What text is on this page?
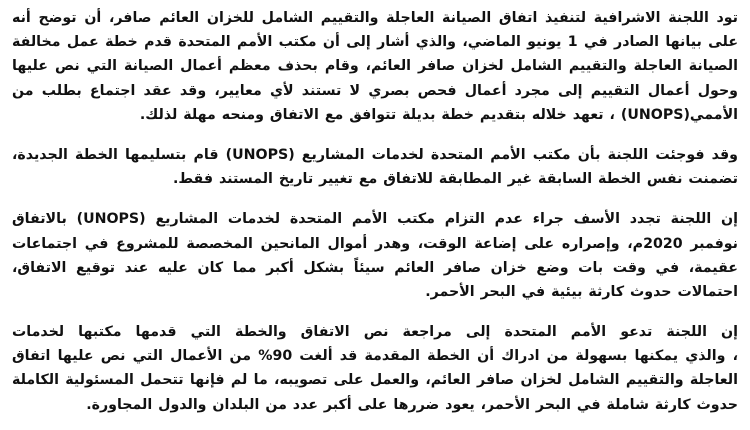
تود اللجنة الاشرافية لتنفيذ اتفاق الصيانة العاجلة والتقييم الشامل للخزان العائم صافر، أن توضح أنه
على بيانها الصادر في 1 يونيو الماضي، والذي أشار إلى أن مكتب الأمم المتحدة قدم خطة عمل مخالفة
الصيانة العاجلة والتقييم الشامل لخزان صافر العائم، وقام بحذف معظم أعمال الصيانة التي نص عليها
وحول أعمال التقييم إلى مجرد أعمال فحص بصري لا تستند لأي معايير، وقد عقد اجتماع بطلب من
الأممي(UNOPS) ، تعهد خلاله بتقديم خطة بديلة تتوافق مع الاتفاق ومنحه مهلة لذلك.

وقد فوجئت اللجنة بأن مكتب الأمم المتحدة لخدمات المشاريع (UNOPS) قام بتسليمها الخطة الجديدة،
تضمنت نفس الخطة السابقة غير المطابقة للاتفاق مع تغيير تاريخ المستند فقط.

إن اللجنة تجدد الأسف جراء عدم التزام مكتب الأمم المتحدة لخدمات المشاريع (UNOPS) بالاتفاق
نوفمبر 2020م، وإصراره على إضاعة الوقت، وهدر أموال المانحين المخصصة للمشروع في اجتماعات
عقيمة، في وقت بات وضع خزان صافر العائم سيئاً بشكل أكبر مما كان عليه عند توقيع الاتفاق،
احتمالات حدوث كارثة بيئية في البحر الأحمر.

إن اللجنة تدعو الأمم المتحدة إلى مراجعة نص الاتفاق والخطة التي قدمها مكتبها لخدمات
، والذي يمكنها بسهولة من ادراك أن الخطة المقدمة قد ألغت 90% من الأعمال التي نص عليها اتفاق
العاجلة والتقييم الشامل لخزان صافر العائم، والعمل على تصويبه، ما لم فإنها تتحمل المسئولية الكاملة
حدوث كارثة شاملة في البحر الأحمر، يعود ضررها على أكبر عدد من البلدان والدول المجاورة.
